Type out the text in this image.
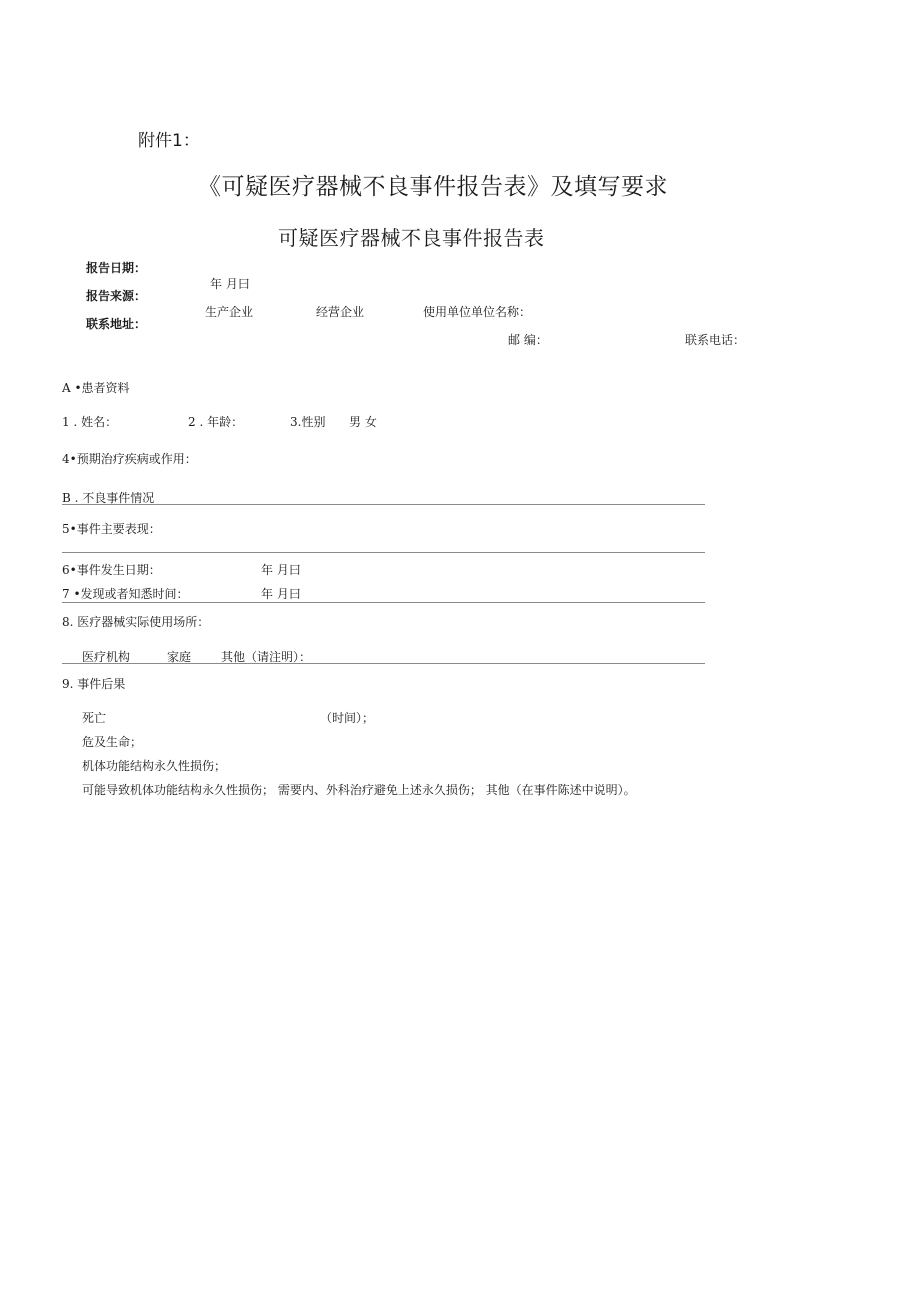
附件1：
《可疑医疗器械不良事件报告表》及填写要求
可疑医疗器械不良事件报告表
报告日期：
年 月曰
报告来源：
生产企业	经营企业	使用单位单位名称：
联系地址：
邮 编：	联系电话：
A •患者资料
1 . 姓名：	2 . 年龄：	3.性别 男 女
4•预期治疗疾病或作用：
B . 不良事件情况
5•事件主要表现：
6•事件发生日期：	年 月曰
7 •发现或者知悉时间：	年 月曰
8. 医疗器械实际使用场所：
医疗机构	家庭 其他（请注明）：
9. 事件后果
死亡	（时间）；
危及生命；
机体功能结构永久性损伤；
可能导致机体功能结构永久性损伤； 需要内、外科治疗避免上述永久损伤； 其他（在事件陈述中说明）。
